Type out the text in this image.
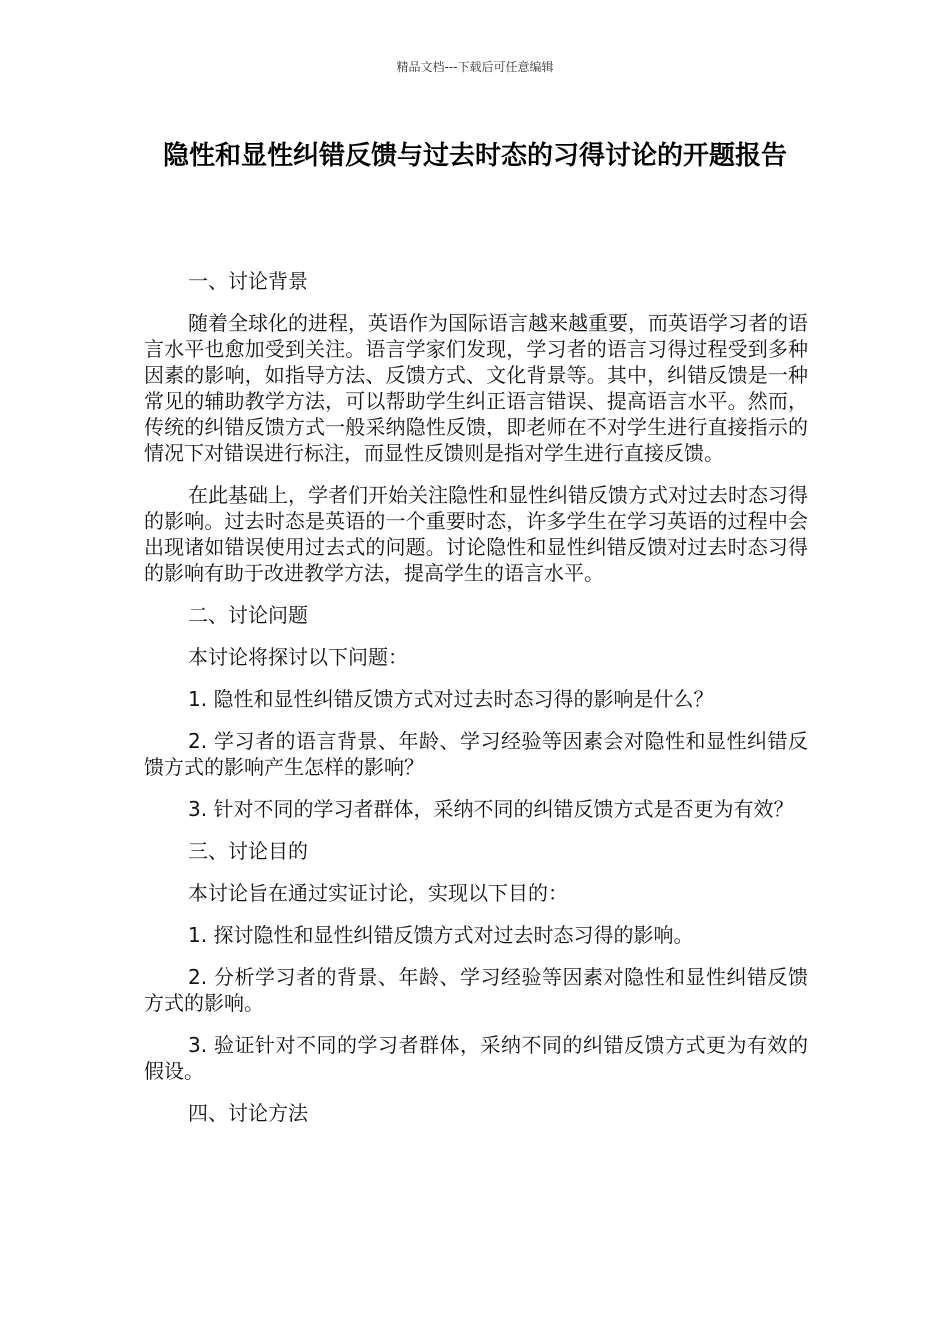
精品文档---下载后可任意编辑
隐性和显性纠错反馈与过去时态的习得讨论的开题报告

一、讨论背景

随着全球化的进程，英语作为国际语言越来越重要，而英语学习者的语言水平也愈加受到关注。语言学家们发现，学习者的语言习得过程受到多种因素的影响，如指导方法、反馈方式、文化背景等。其中，纠错反馈是一种常见的辅助教学方法，可以帮助学生纠正语言错误、提高语言水平。然而，传统的纠错反馈方式一般采纳隐性反馈，即老师在不对学生进行直接指示的情况下对错误进行标注，而显性反馈则是指对学生进行直接反馈。

在此基础上，学者们开始关注隐性和显性纠错反馈方式对过去时态习得的影响。过去时态是英语的一个重要时态，许多学生在学习英语的过程中会出现诸如错误使用过去式的问题。讨论隐性和显性纠错反馈对过去时态习得的影响有助于改进教学方法，提高学生的语言水平。

二、讨论问题

本讨论将探讨以下问题：

1. 隐性和显性纠错反馈方式对过去时态习得的影响是什么？

2. 学习者的语言背景、年龄、学习经验等因素会对隐性和显性纠错反馈方式的影响产生怎样的影响？

3. 针对不同的学习者群体，采纳不同的纠错反馈方式是否更为有效？

三、讨论目的

本讨论旨在通过实证讨论，实现以下目的：

1. 探讨隐性和显性纠错反馈方式对过去时态习得的影响。

2. 分析学习者的背景、年龄、学习经验等因素对隐性和显性纠错反馈方式的影响。

3. 验证针对不同的学习者群体，采纳不同的纠错反馈方式更为有效的假设。

四、讨论方法
